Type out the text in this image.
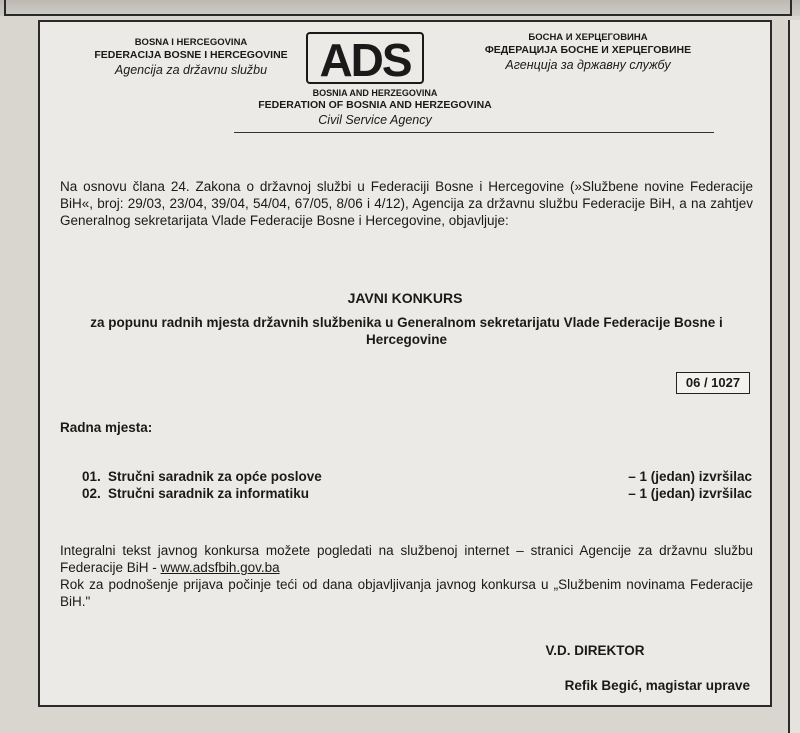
BOSNA I HERCEGOVINA
FEDERACIJA BOSNE I HERCEGOVINE
Agencija za državnu službu	ADS	БОСНА И ХЕРЦЕГОВИНА
ФЕДЕРАЦИЈА БОСНЕ И ХЕРЦЕГОВИНЕ
Агенција за државну службу
BOSNIA AND HERZEGOVINA
FEDERATION OF BOSNIA AND HERZEGOVINA
Civil Service Agency
Na osnovu člana 24. Zakona o državnoj službi u Federaciji Bosne i Hercegovine (»Službene novine Federacije BiH«, broj: 29/03, 23/04, 39/04, 54/04, 67/05, 8/06 i 4/12), Agencija za državnu službu Federacije BiH, a na zahtjev Generalnog sekretarijata Vlade Federacije Bosne i Hercegovine, objavljuje:
JAVNI KONKURS
za popunu radnih mjesta državnih službenika u Generalnom sekretarijatu Vlade Federacije Bosne i Hercegovine
06 / 1027
Radna mjesta:
01. Stručni saradnik za opće poslove	– 1 (jedan) izvršilac
02. Stručni saradnik za informatiku	– 1 (jedan) izvršilac
Integralni tekst javnog konkursa možete pogledati na službenoj internet – stranici Agencije za državnu službu Federacije BiH - www.adsfbih.gov.ba
Rok za podnošenje prijava počinje teći od dana objavljivanja javnog konkursa u „Službenim novinama Federacije BiH."
V.D. DIREKTOR
Refik Begić, magistar uprave
